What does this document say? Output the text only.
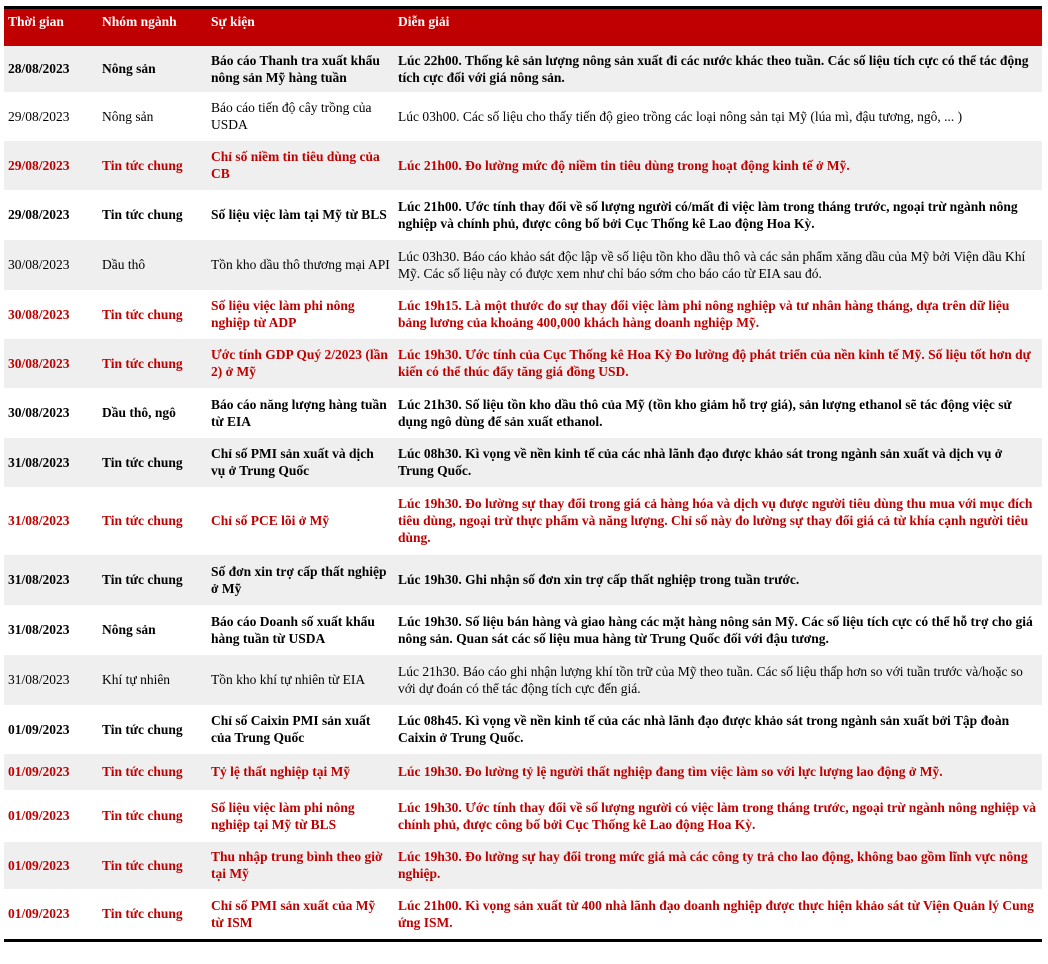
Thời gian	Nhóm ngành	Sự kiện	Diễn giải
28/08/2023	Nông sản	Báo cáo Thanh tra xuất khẩu nông sản Mỹ hàng tuần	Lúc 22h00. Thống kê sản lượng nông sản xuất đi các nước khác theo tuần. Các số liệu tích cực có thể tác động tích cực đối với giá nông sản.
29/08/2023	Nông sản	Báo cáo tiến độ cây trồng của USDA	Lúc 03h00. Các số liệu cho thấy tiến độ gieo trồng các loại nông sản tại Mỹ (lúa mì, đậu tương, ngô, ... )
29/08/2023	Tin tức chung	Chỉ số niềm tin tiêu dùng của CB	Lúc 21h00. Đo lường mức độ niềm tin tiêu dùng trong hoạt động kinh tế ở Mỹ.
29/08/2023	Tin tức chung	Số liệu việc làm tại Mỹ từ BLS	Lúc 21h00. Ước tính thay đổi về số lượng người có/mất đi việc làm trong tháng trước, ngoại trừ ngành nông nghiệp và chính phủ, được công bố bởi Cục Thống kê Lao động Hoa Kỳ.
30/08/2023	Dầu thô	Tồn kho dầu thô thương mại API	Lúc 03h30. Báo cáo khảo sát độc lập về số liệu tồn kho dầu thô và các sản phẩm xăng dầu của Mỹ bởi Viện dầu Khí Mỹ. Các số liệu này có được xem như chỉ báo sớm cho báo cáo từ EIA sau đó.
30/08/2023	Tin tức chung	Số liệu việc làm phi nông nghiệp từ ADP	Lúc 19h15. Là một thước đo sự thay đổi việc làm phi nông nghiệp và tư nhân hàng tháng, dựa trên dữ liệu bảng lương của khoảng 400,000 khách hàng doanh nghiệp Mỹ.
30/08/2023	Tin tức chung	Ước tính GDP Quý 2/2023 (lần 2) ở Mỹ	Lúc 19h30. Ước tính của Cục Thống kê Hoa Kỳ Đo lường độ phát triển của nền kinh tế Mỹ. Số liệu tốt hơn dự kiến có thể thúc đẩy tăng giá đồng USD.
30/08/2023	Dầu thô, ngô	Báo cáo năng lượng hàng tuần từ EIA	Lúc 21h30. Số liệu tồn kho dầu thô của Mỹ (tồn kho giảm hỗ trợ giá), sản lượng ethanol sẽ tác động việc sử dụng ngô dùng để sản xuất ethanol.
31/08/2023	Tin tức chung	Chỉ số PMI sản xuất và dịch vụ ở Trung Quốc	Lúc 08h30. Kì vọng về nền kinh tế của các nhà lãnh đạo được khảo sát trong ngành sản xuất và dịch vụ ở Trung Quốc.
31/08/2023	Tin tức chung	Chỉ số PCE lõi ở Mỹ	Lúc 19h30. Đo lường sự thay đổi trong giá cả hàng hóa và dịch vụ được người tiêu dùng thu mua với mục đích tiêu dùng, ngoại trừ thực phẩm và năng lượng. Chỉ số này đo lường sự thay đổi giá cả từ khía cạnh người tiêu dùng.
31/08/2023	Tin tức chung	Số đơn xin trợ cấp thất nghiệp ở Mỹ	Lúc 19h30. Ghi nhận số đơn xin trợ cấp thất nghiệp trong tuần trước.
31/08/2023	Nông sản	Báo cáo Doanh số xuất khẩu hàng tuần từ USDA	Lúc 19h30. Số liệu bán hàng và giao hàng các mặt hàng nông sản Mỹ. Các số liệu tích cực có thể hỗ trợ cho giá nông sản. Quan sát các số liệu mua hàng từ Trung Quốc đối với đậu tương.
31/08/2023	Khí tự nhiên	Tồn kho khí tự nhiên từ EIA	Lúc 21h30. Báo cáo ghi nhận lượng khí tồn trữ của Mỹ theo tuần. Các số liệu thấp hơn so với tuần trước và/hoặc so với dự đoán có thể tác động tích cực đến giá.
01/09/2023	Tin tức chung	Chỉ số Caixin PMI sản xuất của Trung Quốc	Lúc 08h45. Kì vọng về nền kinh tế của các nhà lãnh đạo được khảo sát trong ngành sản xuất bởi Tập đoàn Caixin ở Trung Quốc.
01/09/2023	Tin tức chung	Tỷ lệ thất nghiệp tại Mỹ	Lúc 19h30. Đo lường tỷ lệ người thất nghiệp đang tìm việc làm so với lực lượng lao động ở Mỹ.
01/09/2023	Tin tức chung	Số liệu việc làm phi nông nghiệp tại Mỹ từ BLS	Lúc 19h30. Ước tính thay đổi về số lượng người có việc làm trong tháng trước, ngoại trừ ngành nông nghiệp và chính phủ, được công bố bởi Cục Thống kê Lao động Hoa Kỳ.
01/09/2023	Tin tức chung	Thu nhập trung bình theo giờ tại Mỹ	Lúc 19h30. Đo lường sự hay đổi trong mức giá mà các công ty trả cho lao động, không bao gồm lĩnh vực nông nghiệp.
01/09/2023	Tin tức chung	Chỉ số PMI sản xuất của Mỹ từ ISM	Lúc 21h00. Kì vọng sản xuất từ 400 nhà lãnh đạo doanh nghiệp được thực hiện khảo sát từ Viện Quản lý Cung ứng ISM.
